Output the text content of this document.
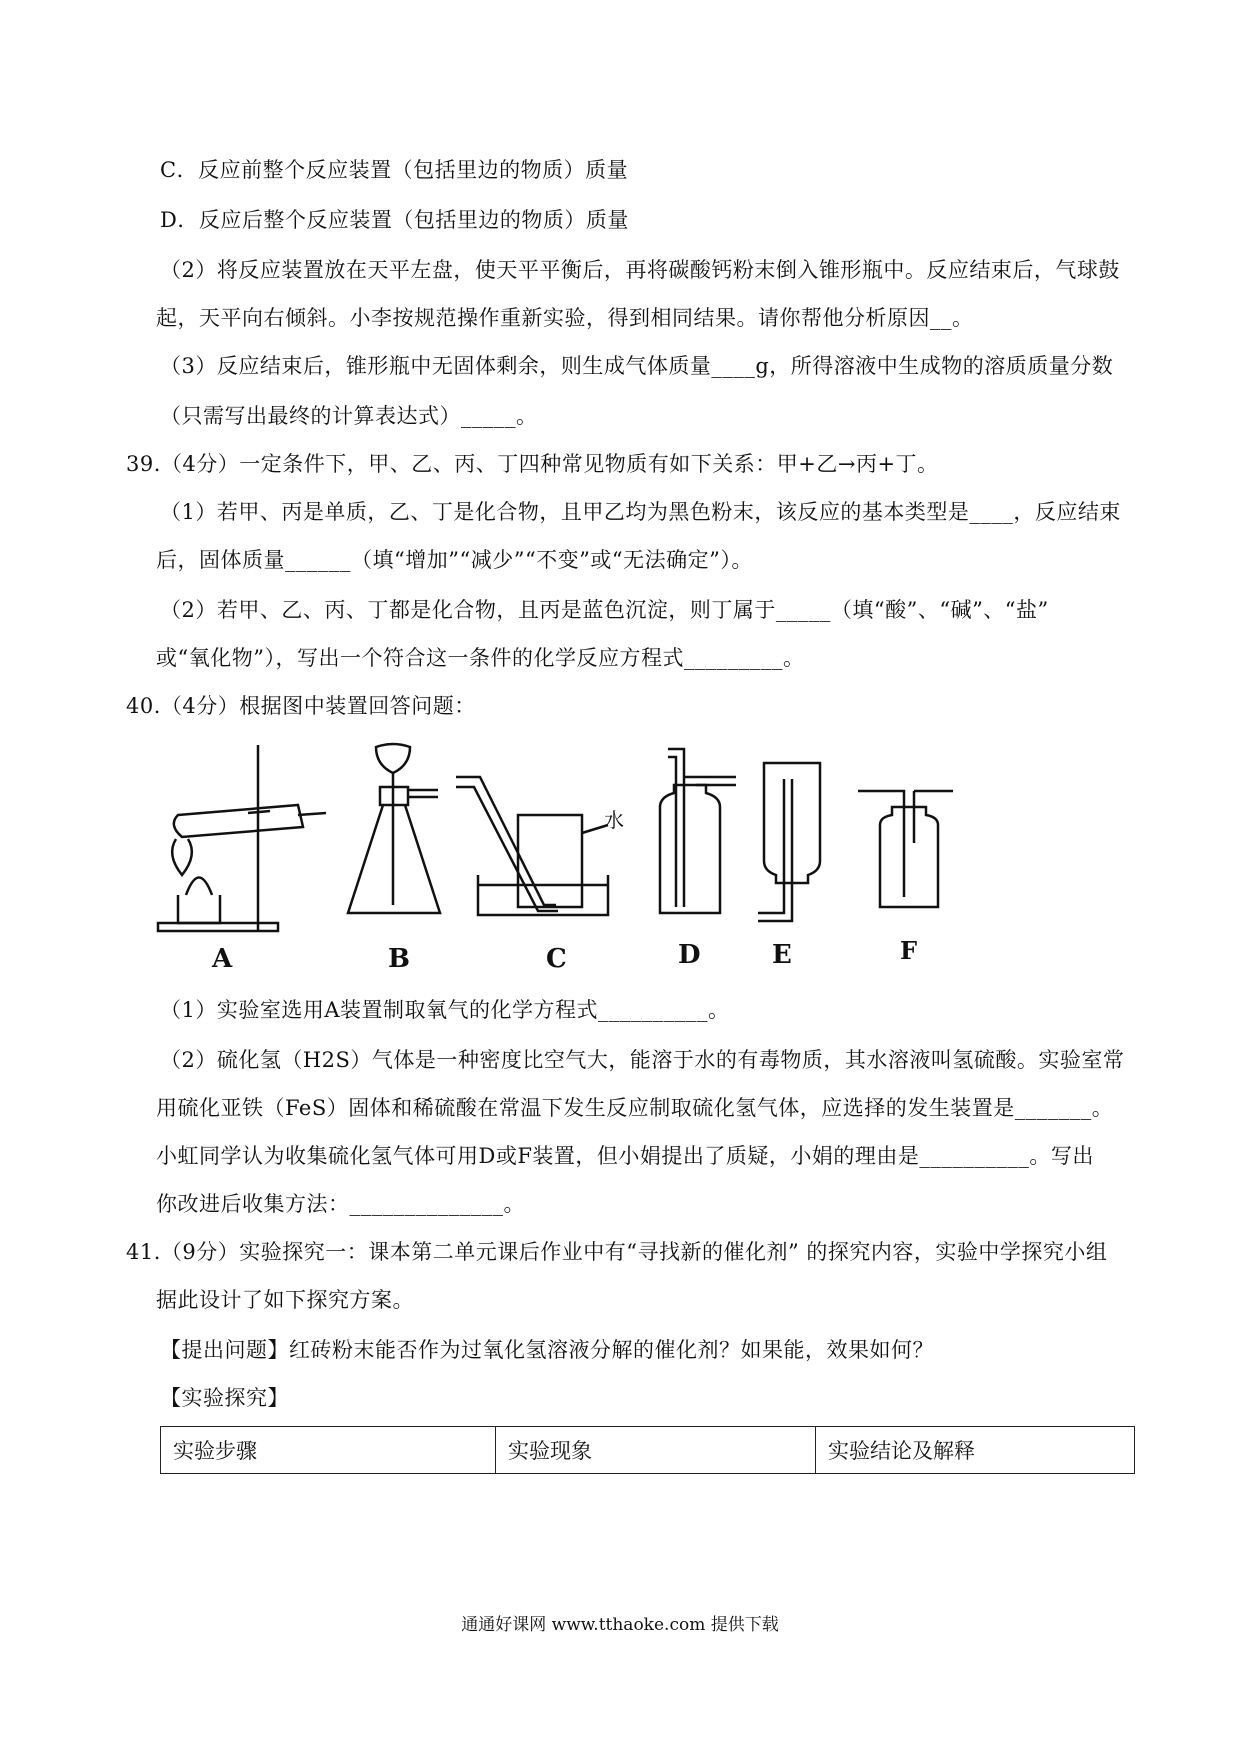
C．反应前整个反应装置（包括里边的物质）质量
D．反应后整个反应装置（包括里边的物质）质量
（2）将反应装置放在天平左盘，使天平平衡后，再将碳酸钙粉末倒入锥形瓶中。反应结束后，气球鼓
起，天平向右倾斜。小李按规范操作重新实验，得到相同结果。请你帮他分析原因__。
（3）反应结束后，锥形瓶中无固体剩余，则生成气体质量____g，所得溶液中生成物的溶质质量分数
（只需写出最终的计算表达式）_____。
39.（4分）一定条件下，甲、乙、丙、丁四种常见物质有如下关系：甲+乙→丙+丁。
（1）若甲、丙是单质，乙、丁是化合物，且甲乙均为黑色粉末，该反应的基本类型是____，反应结束
后，固体质量______（填“增加”“减少”“不变”或“无法确定”）。
（2）若甲、乙、丙、丁都是化合物，且丙是蓝色沉淀，则丁属于_____（填“酸”、“碱”、“盐”
或“氧化物”），写出一个符合这一条件的化学反应方程式_________。
40.（4分）根据图中装置回答问题：
A	B
水
C	D	E	F
（1）实验室选用A装置制取氧气的化学方程式__________。
（2）硫化氢（H2S）气体是一种密度比空气大，能溶于水的有毒物质，其水溶液叫氢硫酸。实验室常
用硫化亚铁（FeS）固体和稀硫酸在常温下发生反应制取硫化氢气体，应选择的发生装置是_______。
小虹同学认为收集硫化氢气体可用D或F装置，但小娟提出了质疑，小娟的理由是__________。写出
你改进后收集方法：______________。
41.（9分）实验探究一：课本第二单元课后作业中有“寻找新的催化剂” 的探究内容，实验中学探究小组
据此设计了如下探究方案。
【提出问题】红砖粉末能否作为过氧化氢溶液分解的催化剂？如果能，效果如何？
【实验探究】
实验步骤	实验现象	实验结论及解释
通通好课网 www.tthaoke.com 提供下载
